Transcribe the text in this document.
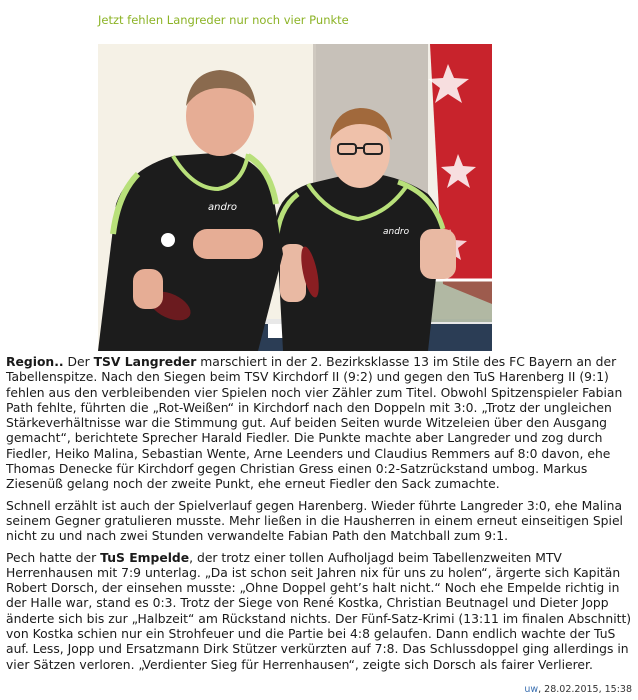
Jetzt fehlen Langreder nur noch vier Punkte
andro
andro

Region.. Der TSV Langreder marschiert in der 2. Bezirksklasse 13 im Stile des FC Bayern an der Tabellenspitze. Nach den Siegen beim TSV Kirchdorf II (9:2) und gegen den TuS Harenberg II (9:1) fehlen aus den verbleibenden vier Spielen noch vier Zähler zum Titel. Obwohl Spitzenspieler Fabian Path fehlte, führten die „Rot-Weißen“ in Kirchdorf nach den Doppeln mit 3:0. „Trotz der ungleichen Stärkeverhältnisse war die Stimmung gut. Auf beiden Seiten wurde Witzeleien über den Ausgang gemacht“, berichtete Sprecher Harald Fiedler. Die Punkte machte aber Langreder und zog durch Fiedler, Heiko Malina, Sebastian Wente, Arne Leenders und Claudius Remmers auf 8:0 davon, ehe Thomas Denecke für Kirchdorf gegen Christian Gress einen 0:2-Satzrückstand umbog. Markus Ziesenüß gelang noch der zweite Punkt, ehe erneut Fiedler den Sack zumachte.

Schnell erzählt ist auch der Spielverlauf gegen Harenberg. Wieder führte Langreder 3:0, ehe Malina seinem Gegner gratulieren musste. Mehr ließen in die Hausherren in einem erneut einseitigen Spiel nicht zu und nach zwei Stunden verwandelte Fabian Path den Matchball zum 9:1.

Pech hatte der TuS Empelde, der trotz einer tollen Aufholjagd beim Tabellenzweiten MTV Herrenhausen mit 7:9 unterlag. „Da ist schon seit Jahren nix für uns zu holen“, ärgerte sich Kapitän Robert Dorsch, der einsehen musste: „Ohne Doppel geht’s halt nicht.“ Noch ehe Empelde richtig in der Halle war, stand es 0:3. Trotz der Siege von René Kostka, Christian Beutnagel und Dieter Jopp änderte sich bis zur „Halbzeit“ am Rückstand nichts. Der Fünf-Satz-Krimi (13:11 im finalen Abschnitt) von Kostka schien nur ein Strohfeuer und die Partie bei 4:8 gelaufen. Dann endlich wachte der TuS auf. Less, Jopp und Ersatzmann Dirk Stützer verkürzten auf 7:8. Das Schlussdoppel ging allerdings in vier Sätzen verloren. „Verdienter Sieg für Herrenhausen“, zeigte sich Dorsch als fairer Verlierer.

uw, 28.02.2015, 15:38
